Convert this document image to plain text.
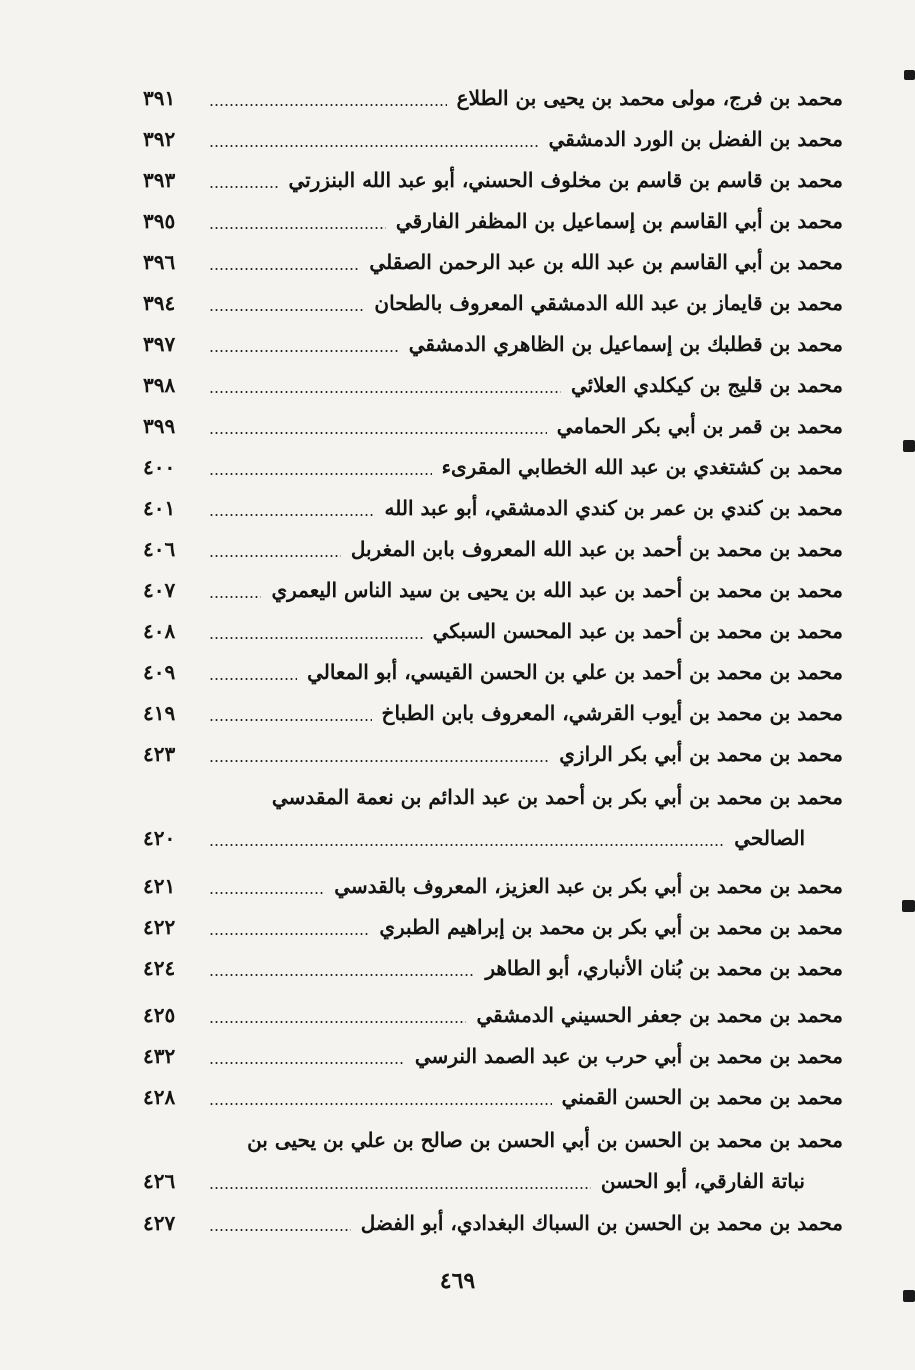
محمد بن فرج، مولى محمد بن يحيى بن الطلاع
٣٩١
محمد بن الفضل بن الورد الدمشقي
٣٩٢
محمد بن قاسم بن قاسم بن مخلوف الحسني، أبو عبد الله البنزرتي
٣٩٣
محمد بن أبي القاسم بن إسماعيل بن المظفر الفارقي
٣٩٥
محمد بن أبي القاسم بن عبد الله بن عبد الرحمن الصقلي
٣٩٦
محمد بن قايماز بن عبد الله الدمشقي المعروف بالطحان
٣٩٤
محمد بن قطلبك بن إسماعيل بن الظاهري الدمشقي
٣٩٧
محمد بن قليج بن كيكلدي العلائي
٣٩٨
محمد بن قمر بن أبي بكر الحمامي
٣٩٩
محمد بن كشتغدي بن عبد الله الخطابي المقرىء
٤٠٠
محمد بن كندي بن عمر بن كندي الدمشقي، أبو عبد الله
٤٠١
محمد بن محمد بن أحمد بن عبد الله المعروف بابن المغربل
٤٠٦
محمد بن محمد بن أحمد بن عبد الله بن يحيى بن سيد الناس اليعمري
٤٠٧
محمد بن محمد بن أحمد بن عبد المحسن السبكي
٤٠٨
محمد بن محمد بن أحمد بن علي بن الحسن القيسي، أبو المعالي
٤٠٩
محمد بن محمد بن أيوب القرشي، المعروف بابن الطباخ
٤١٩
محمد بن محمد بن أبي بكر الرازي
٤٢٣
محمد بن محمد بن أبي بكر بن أحمد بن عبد الدائم بن نعمة المقدسي
الصالحي
٤٢٠
محمد بن محمد بن أبي بكر بن عبد العزيز، المعروف بالقدسي
٤٢١
محمد بن محمد بن أبي بكر بن محمد بن إبراهيم الطبري
٤٢٢
محمد بن محمد بن بُنان الأنباري، أبو الطاهر
٤٢٤
محمد بن محمد بن جعفر الحسيني الدمشقي
٤٢٥
محمد بن محمد بن أبي حرب بن عبد الصمد النرسي
٤٣٢
محمد بن محمد بن الحسن القمني
٤٢٨
محمد بن محمد بن الحسن بن أبي الحسن بن صالح بن علي بن يحيى بن
نباتة الفارقي، أبو الحسن
٤٢٦
محمد بن محمد بن الحسن بن السباك البغدادي، أبو الفضل
٤٢٧
٤٦٩
